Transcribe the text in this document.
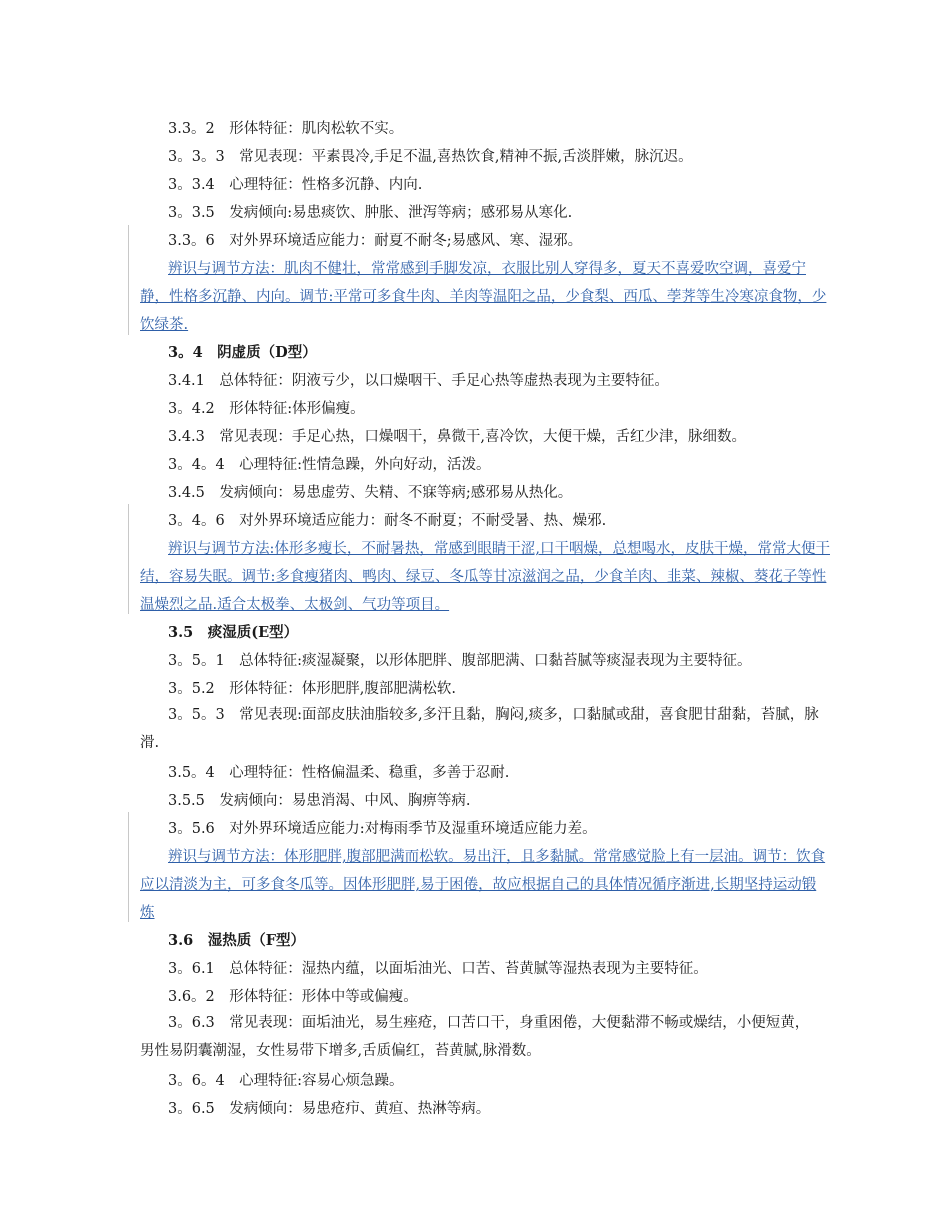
3.3。2　形体特征：肌肉松软不实。
3。3。3　常见表现：平素畏冷,手足不温,喜热饮食,精神不振,舌淡胖嫩，脉沉迟。
3。3.4　心理特征：性格多沉静、内向.
3。3.5　发病倾向:易患痰饮、肿胀、泄泻等病；感邪易从寒化.
3.3。6　对外界环境适应能力：耐夏不耐冬;易感风、寒、湿邪。
辨识与调节方法：肌肉不健壮，常常感到手脚发凉，衣服比别人穿得多，夏天不喜爱吹空调，喜爱宁静，性格多沉静、内向。调节:平常可多食牛肉、羊肉等温阳之品，少食梨、西瓜、荸荠等生冷寒凉食物，少饮绿茶.
3。4　阴虚质（D型）
3.4.1　总体特征：阴液亏少，以口燥咽干、手足心热等虚热表现为主要特征。
3。4.2　形体特征:体形偏瘦。
3.4.3　常见表现：手足心热，口燥咽干，鼻微干,喜冷饮，大便干燥，舌红少津，脉细数。
3。4。4　心理特征:性情急躁，外向好动，活泼。
3.4.5　发病倾向：易患虚劳、失精、不寐等病;感邪易从热化。
3。4。6　对外界环境适应能力：耐冬不耐夏；不耐受暑、热、燥邪.
辨识与调节方法:体形多瘦长，不耐暑热，常感到眼睛干涩,口干咽燥，总想喝水，皮肤干燥，常常大便干结，容易失眠。调节:多食瘦猪肉、鸭肉、绿豆、冬瓜等甘凉滋润之品，少食羊肉、韭菜、辣椒、葵花子等性温燥烈之品.适合太极拳、太极剑、气功等项目。
3.5　痰湿质(E型）
3。5。1　总体特征:痰湿凝聚，以形体肥胖、腹部肥满、口黏苔腻等痰湿表现为主要特征。
3。5.2　形体特征：体形肥胖,腹部肥满松软.
3。5。3　常见表现:面部皮肤油脂较多,多汗且黏，胸闷,痰多，口黏腻或甜，喜食肥甘甜黏，苔腻，脉滑.
3.5。4　心理特征：性格偏温柔、稳重，多善于忍耐.
3.5.5　发病倾向：易患消渴、中风、胸痹等病.
3。5.6　对外界环境适应能力:对梅雨季节及湿重环境适应能力差。
辨识与调节方法：体形肥胖,腹部肥满而松软。易出汗，且多黏腻。常常感觉脸上有一层油。调节：饮食应以清淡为主，可多食冬瓜等。因体形肥胖,易于困倦，故应根据自己的具体情况循序渐进,长期坚持运动锻炼
3.6　湿热质（F型）
3。6.1　总体特征：湿热内蕴，以面垢油光、口苦、苔黄腻等湿热表现为主要特征。
3.6。2　形体特征：形体中等或偏瘦。
3。6.3　常见表现：面垢油光，易生痤疮，口苦口干，身重困倦，大便黏滞不畅或燥结，小便短黄，男性易阴囊潮湿，女性易带下增多,舌质偏红，苔黄腻,脉滑数。
3。6。4　心理特征:容易心烦急躁。
3。6.5　发病倾向：易患疮疖、黄疸、热淋等病。
